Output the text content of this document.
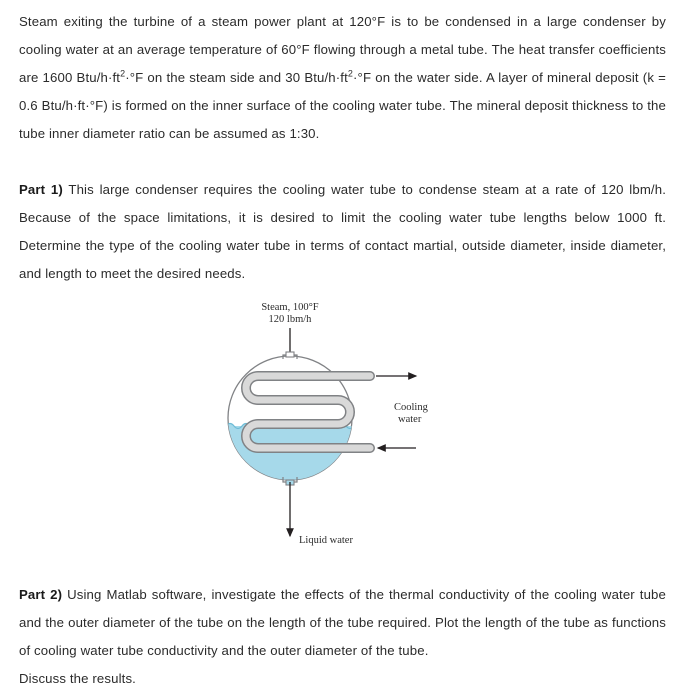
Steam exiting the turbine of a steam power plant at 120°F is to be condensed in a large condenser by cooling water at an average temperature of 60°F flowing through a metal tube. The heat transfer coefficients are 1600 Btu/$h\cdot ft^2\cdot^\circ F$ on the steam side and 30 Btu/$h\cdot ft^2\cdot^\circ F$ on the water side. A layer of mineral deposit (k = 0.6 Btu/h·ft·°F) is formed on the inner surface of the cooling water tube. The mineral deposit thickness to the tube inner diameter ratio can be assumed as 1:30.
Part 1) This large condenser requires the cooling water tube to condense steam at a rate of 120 lbm/h. Because of the space limitations, it is desired to limit the cooling water tube lengths below 1000 ft. Determine the type of the cooling water tube in terms of contact martial, outside diameter, inside diameter, and length to meet the desired needs.
Steam, 100°F
120 lbm/h
Liquid water
Cooling
water
Part 2) Using Matlab software, investigate the effects of the thermal conductivity of the cooling water tube and the outer diameter of the tube on the length of the tube required. Plot the length of the tube as functions of cooling water tube conductivity and the outer diameter of the tube.
Discuss the results.
